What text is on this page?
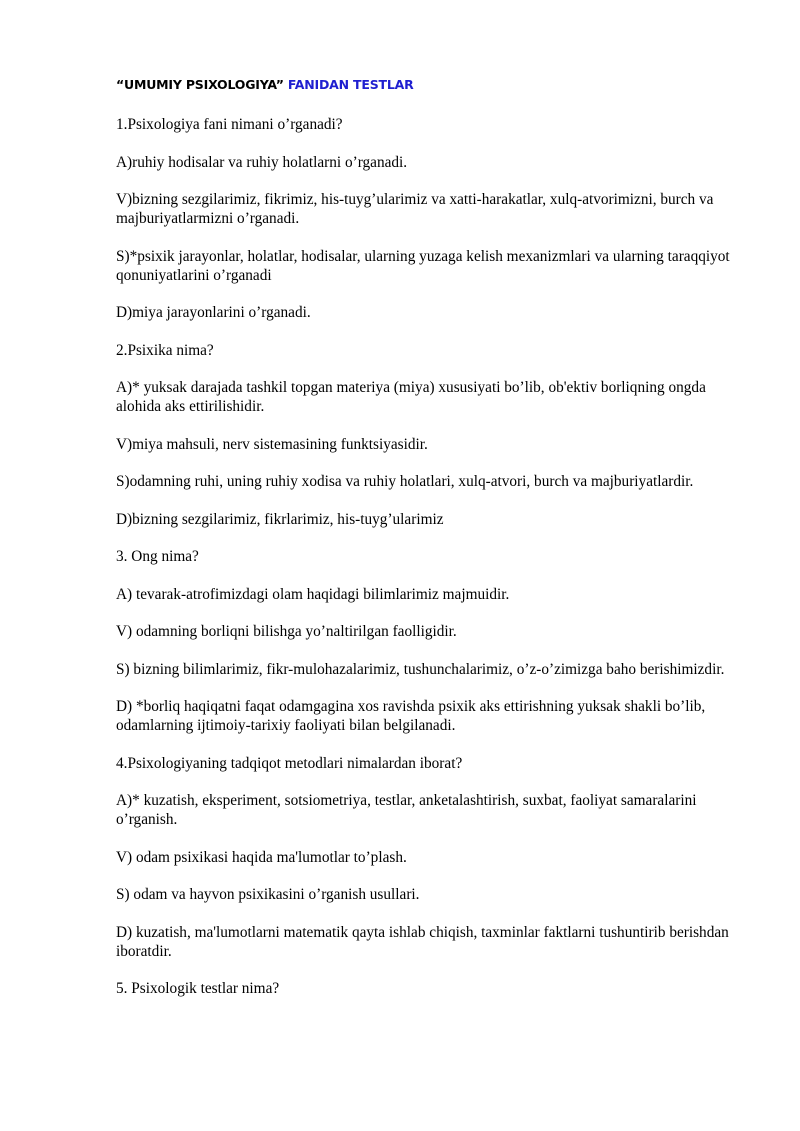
“UMUMIY PSIXOLOGIYA” FANIDAN TESTLAR

1.Psixologiya fani nimani o’rganadi?

A)ruhiy hodisalar va ruhiy holatlarni o’rganadi.

V)bizning sezgilarimiz, fikrimiz, his-tuyg’ularimiz va xatti-harakatlar, xulq-atvorimizni, burch va majburiyatlarmizni o’rganadi.

S)*psixik jarayonlar, holatlar, hodisalar, ularning yuzaga kelish mexanizmlari va ularning taraqqiyot qonuniyatlarini o’rganadi

D)miya jarayonlarini o’rganadi.

2.Psixika nima?

A)* yuksak darajada tashkil topgan materiya (miya) xususiyati bo’lib, ob'ektiv borliqning ongda alohida aks ettirilishidir.

V)miya mahsuli, nerv sistemasining funktsiyasidir.

S)odamning ruhi, uning ruhiy xodisa va ruhiy holatlari, xulq-atvori, burch va majburiyatlardir.

D)bizning sezgilarimiz, fikrlarimiz, his-tuyg’ularimiz

3. Ong nima?

A) tevarak-atrofimizdagi olam haqidagi bilimlarimiz majmuidir.

V) odamning borliqni bilishga yo’naltirilgan faolligidir.

S) bizning bilimlarimiz, fikr-mulohazalarimiz, tushunchalarimiz, o’z-o’zimizga baho berishimizdir.

D) *borliq haqiqatni faqat odamgagina xos ravishda psixik aks ettirishning yuksak shakli bo’lib, odamlarning ijtimoiy-tarixiy faoliyati bilan belgilanadi.

4.Psixologiyaning tadqiqot metodlari nimalardan iborat?

A)* kuzatish, eksperiment, sotsiometriya, testlar, anketalashtirish, suxbat, faoliyat samaralarini o’rganish.

V) odam psixikasi haqida ma'lumotlar to’plash.

S) odam va hayvon psixikasini o’rganish usullari.

D) kuzatish, ma'lumotlarni matematik qayta ishlab chiqish, taxminlar faktlarni tushuntirib berishdan iboratdir.

5. Psixologik testlar nima?
